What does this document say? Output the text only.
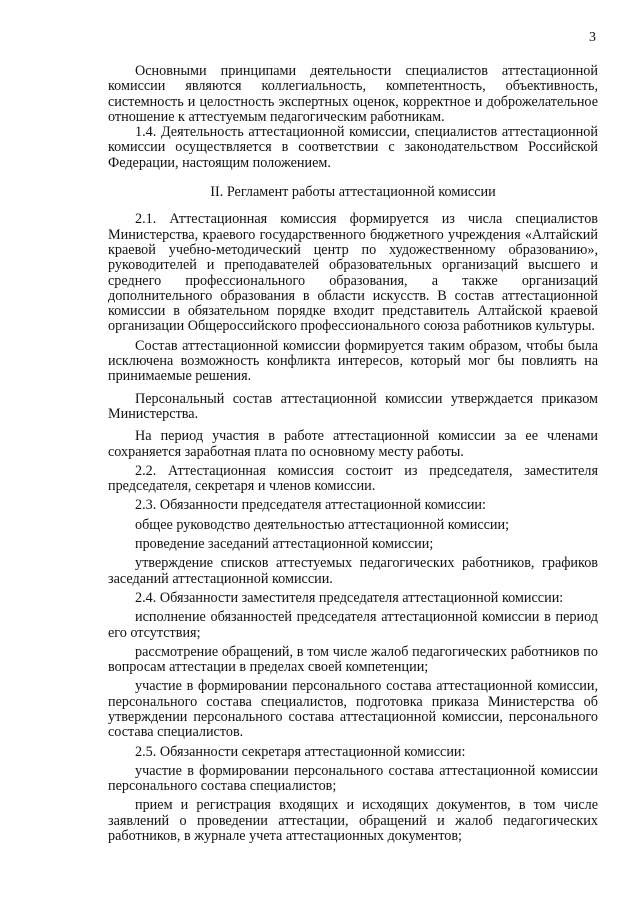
3

Основными принципами деятельности специалистов аттестационной комиссии являются коллегиальность, компетентность, объективность, системность и целостность экспертных оценок, корректное и доброжелательное отношение к аттестуемым педагогическим работникам.

1.4. Деятельность аттестационной комиссии, специалистов аттестационной комиссии осуществляется в соответствии с законодательством Российской Федерации, настоящим положением.

II. Регламент работы аттестационной комиссии

2.1. Аттестационная комиссия формируется из числа специалистов Министерства, краевого государственного бюджетного учреждения «Алтайский краевой учебно-методический центр по художественному образованию», руководителей и преподавателей образовательных организаций высшего и среднего профессионального образования, а также организаций дополнительного образования в области искусств. В состав аттестационной комиссии в обязательном порядке входит представитель Алтайской краевой организации Общероссийского профессионального союза работников культуры.

Состав аттестационной комиссии формируется таким образом, чтобы была исключена возможность конфликта интересов, который мог бы повлиять на принимаемые решения.

Персональный состав аттестационной комиссии утверждается приказом Министерства.

На период участия в работе аттестационной комиссии за ее членами сохраняется заработная плата по основному месту работы.

2.2. Аттестационная комиссия состоит из председателя, заместителя председателя, секретаря и членов комиссии.

2.3. Обязанности председателя аттестационной комиссии:

общее руководство деятельностью аттестационной комиссии;

проведение заседаний аттестационной комиссии;

утверждение списков аттестуемых педагогических работников, графиков заседаний аттестационной комиссии.

2.4. Обязанности заместителя председателя аттестационной комиссии:

исполнение обязанностей председателя аттестационной комиссии в период его отсутствия;

рассмотрение обращений, в том числе жалоб педагогических работников по вопросам аттестации в пределах своей компетенции;

участие в формировании персонального состава аттестационной комиссии, персонального состава специалистов, подготовка приказа Министерства об утверждении персонального состава аттестационной комиссии, персонального состава специалистов.

2.5. Обязанности секретаря аттестационной комиссии:

участие в формировании персонального состава аттестационной комиссии персонального состава специалистов;

прием и регистрация входящих и исходящих документов, в том числе заявлений о проведении аттестации, обращений и жалоб педагогических работников, в журнале учета аттестационных документов;
